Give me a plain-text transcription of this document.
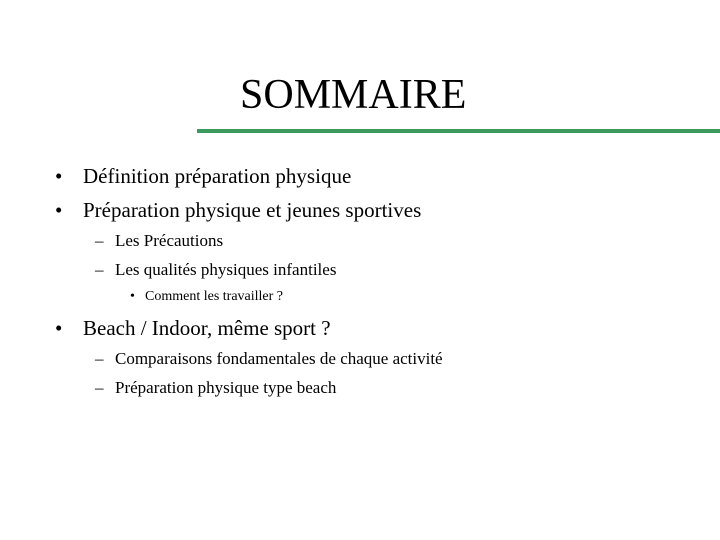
SOMMAIRE
• Définition préparation physique
• Préparation physique et jeunes sportives
– Les Précautions
– Les qualités physiques infantiles
• Comment les travailler ?
• Beach / Indoor, même sport ?
– Comparaisons fondamentales de chaque activité
– Préparation physique type beach
